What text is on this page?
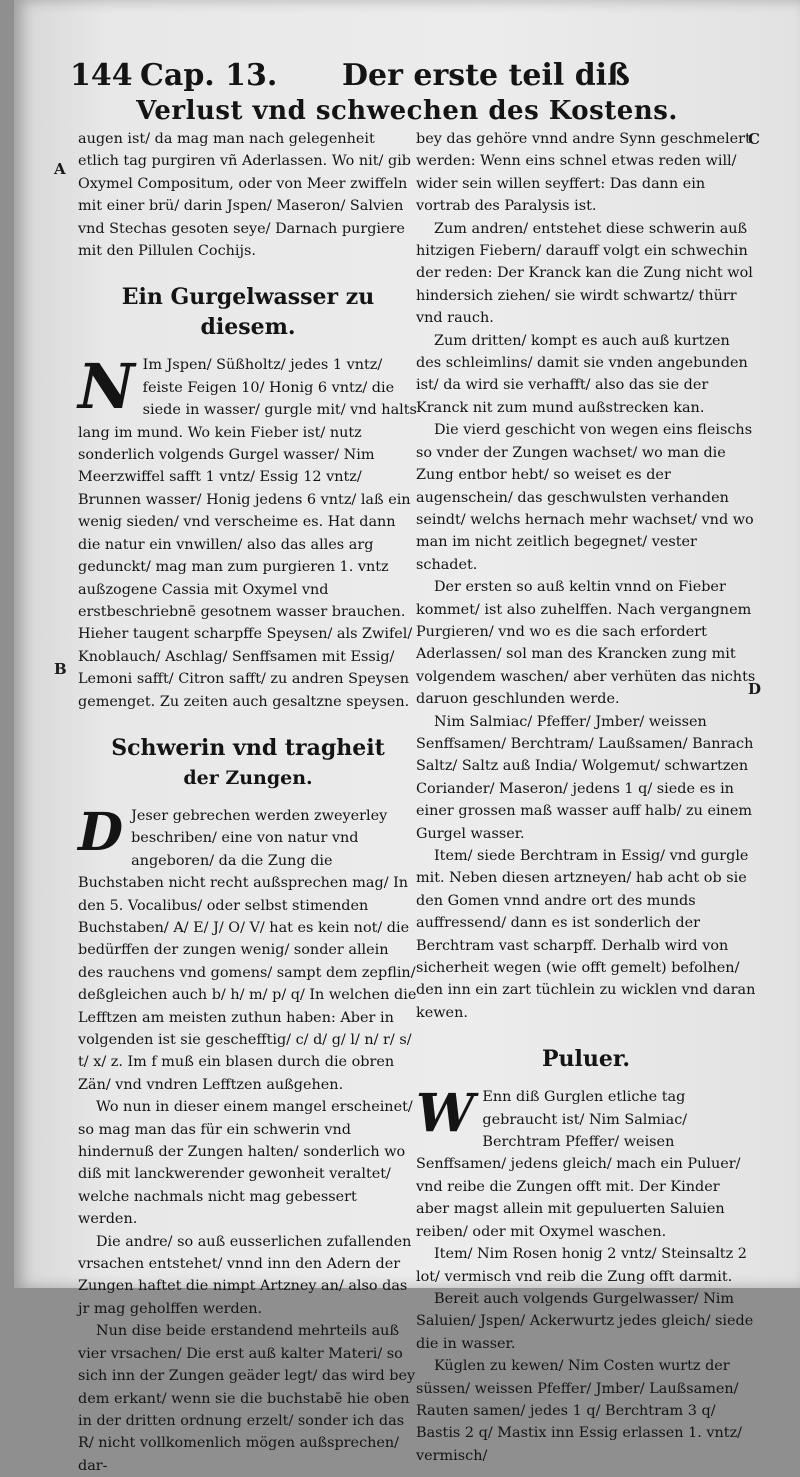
144 Cap. 13. Der erste teil diß
Verlust vnd schwechen des Kostens.
A
B
C
D

augen ist/ da mag man nach gelegenheit etlich tag purgiren vñ Aderlassen. Wo nit/ gib Oxymel Compositum, oder von Meer zwiffeln mit einer brü/ darin Jspen/ Maseron/ Salvien vnd Stechas gesoten seye/ Darnach purgiere mit den Pillulen Cochijs.

Ein Gurgelwasser zu diesem.

N Im Jspen/ Süßholtz/ jedes 1 vntz/ feiste Feigen 10/ Honig 6 vntz/ die siede in wasser/ gurgle mit/ vnd halts lang im mund. Wo kein Fieber ist/ nutz sonderlich volgends Gurgel wasser/ Nim Meerzwiffel safft 1 vntz/ Essig 12 vntz/ Brunnen wasser/ Honig jedens 6 vntz/ laß ein wenig sieden/ vnd verscheime es. Hat dann die natur ein vnwillen/ also das alles arg gedunckt/ mag man zum purgieren 1. vntz außzogene Cassia mit Oxymel vnd erstbeschriebnē gesotnem wasser brauchen. Hieher taugent scharpffe Speysen/ als Zwifel/ Knoblauch/ Aschlag/ Senffsamen mit Essig/ Lemoni safft/ Citron safft/ zu andren Speysen gemenget. Zu zeiten auch gesaltzne speysen.

Schwerin vnd tragheit
der Zungen.

D Jeser gebrechen werden zweyerley beschriben/ eine von natur vnd angeboren/ da die Zung die Buchstaben nicht recht außsprechen mag/ In den 5. Vocalibus/ oder selbst stimenden Buchstaben/ A/ E/ J/ O/ V/ hat es kein not/ die bedürffen der zungen wenig/ sonder allein des rauchens vnd gomens/ sampt dem zepflin/ deßgleichen auch b/ h/ m/ p/ q/ In welchen die Lefftzen am meisten zuthun haben: Aber in volgenden ist sie geschefftig/ c/ d/ g/ l/ n/ r/ s/ t/ x/ z. Im f muß ein blasen durch die obren Zän/ vnd vndren Lefftzen außgehen.

Wo nun in dieser einem mangel erscheinet/ so mag man das für ein schwerin vnd hindernuß der Zungen halten/ sonderlich wo diß mit lanckwerender gewonheit veraltet/ welche nachmals nicht mag gebessert werden.

Die andre/ so auß eusserlichen zufallenden vrsachen entstehet/ vnnd inn den Adern der Zungen haftet die nimpt Artzney an/ also das jr mag geholffen werden.

Nun dise beide erstandend mehrteils auß vier vrsachen/ Die erst auß kalter Materi/ so sich inn der Zungen geäder legt/ das wird bey dem erkant/ wenn sie die buchstabē hie oben in der dritten ordnung erzelt/ sonder ich das R/ nicht vollkomenlich mögen außsprechen/ dar-

bey das gehöre vnnd andre Synn geschmelert werden: Wenn eins schnel etwas reden will/ wider sein willen seyffert: Das dann ein vortrab des Paralysis ist.

Zum andren/ entstehet diese schwerin auß hitzigen Fiebern/ darauff volgt ein schwechin der reden: Der Kranck kan die Zung nicht wol hindersich ziehen/ sie wirdt schwartz/ thürr vnd rauch.

Zum dritten/ kompt es auch auß kurtzen des schleimlins/ damit sie vnden angebunden ist/ da wird sie verhafft/ also das sie der Kranck nit zum mund außstrecken kan.

Die vierd geschicht von wegen eins fleischs so vnder der Zungen wachset/ wo man die Zung entbor hebt/ so weiset es der augenschein/ das geschwulsten verhanden seindt/ welchs hernach mehr wachset/ vnd wo man im nicht zeitlich begegnet/ vester schadet.

Der ersten so auß keltin vnnd on Fieber kommet/ ist also zuhelffen. Nach vergangnem Purgieren/ vnd wo es die sach erfordert Aderlassen/ sol man des Krancken zung mit volgendem waschen/ aber verhüten das nichts daruon geschlunden werde.

Nim Salmiac/ Pfeffer/ Jmber/ weissen Senffsamen/ Berchtram/ Laußsamen/ Banrach Saltz/ Saltz auß India/ Wolgemut/ schwartzen Coriander/ Maseron/ jedens 1 q/ siede es in einer grossen maß wasser auff halb/ zu einem Gurgel wasser.

Item/ siede Berchtram in Essig/ vnd gurgle mit. Neben diesen artzneyen/ hab acht ob sie den Gomen vnnd andre ort des munds auffressend/ dann es ist sonderlich der Berchtram vast scharpff. Derhalb wird von sicherheit wegen (wie offt gemelt) befolhen/ den inn ein zart tüchlein zu wicklen vnd daran kewen.

Puluer.

W Enn diß Gurglen etliche tag gebraucht ist/ Nim Salmiac/ Berchtram Pfeffer/ weisen Senffsamen/ jedens gleich/ mach ein Puluer/ vnd reibe die Zungen offt mit. Der Kinder aber magst allein mit gepuluerten Saluien reiben/ oder mit Oxymel waschen.

Item/ Nim Rosen honig 2 vntz/ Steinsaltz 2 lot/ vermisch vnd reib die Zung offt darmit.

Bereit auch volgends Gurgelwasser/ Nim Saluien/ Jspen/ Ackerwurtz jedes gleich/ siede die in wasser.

Küglen zu kewen/ Nim Costen wurtz der süssen/ weissen Pfeffer/ Jmber/ Laußsamen/ Rauten samen/ jedes 1 q/ Berchtram 3 q/ Bastis 2 q/ Mastix inn Essig erlassen 1. vntz/ vermisch/
